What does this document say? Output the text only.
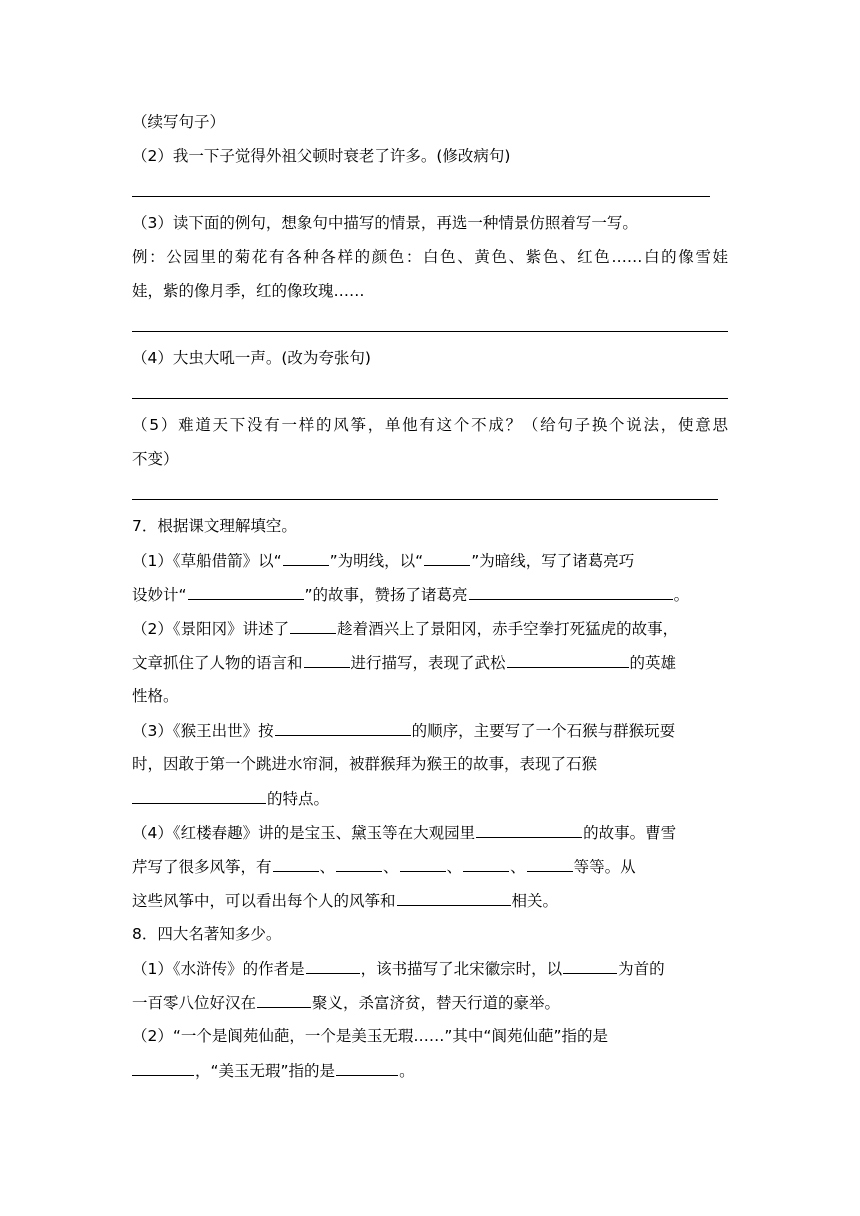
（续写句子）
（2）我一下子觉得外祖父顿时衰老了许多。(修改病句)
（3）读下面的例句，想象句中描写的情景，再选一种情景仿照着写一写。
例：公园里的菊花有各种各样的颜色：白色、黄色、紫色、红色……白的像雪娃
娃，紫的像月季，红的像玫瑰……
（4）大虫大吼一声。(改为夸张句)
（5）难道天下没有一样的风筝，单他有这个不成？（给句子换个说法，使意思
不变）
7．根据课文理解填空。
（1）《草船借箭》以“	”为明线，以“	”为暗线，写了诸葛亮巧
设妙计“	”的故事，赞扬了诸葛亮	。
（2）《景阳冈》讲述了	趁着酒兴上了景阳冈，赤手空拳打死猛虎的故事，
文章抓住了人物的语言和	进行描写，表现了武松	的英雄
性格。
（3）《猴王出世》按	的顺序，主要写了一个石猴与群猴玩耍
时，因敢于第一个跳进水帘洞，被群猴拜为猴王的故事，表现了石猴
的特点。
（4）《红楼春趣》讲的是宝玉、黛玉等在大观园里	的故事。曹雪
芹写了很多风筝，有	、	、	、	、	等等。从
这些风筝中，可以看出每个人的风筝和	相关。
8．四大名著知多少。
（1）《水浒传》的作者是	，该书描写了北宋徽宗时，以	为首的
一百零八位好汉在	聚义，杀富济贫，替天行道的豪举。
（2）“一个是阆苑仙葩，一个是美玉无瑕……”其中“阆苑仙葩”指的是
，“美玉无瑕”指的是	。
